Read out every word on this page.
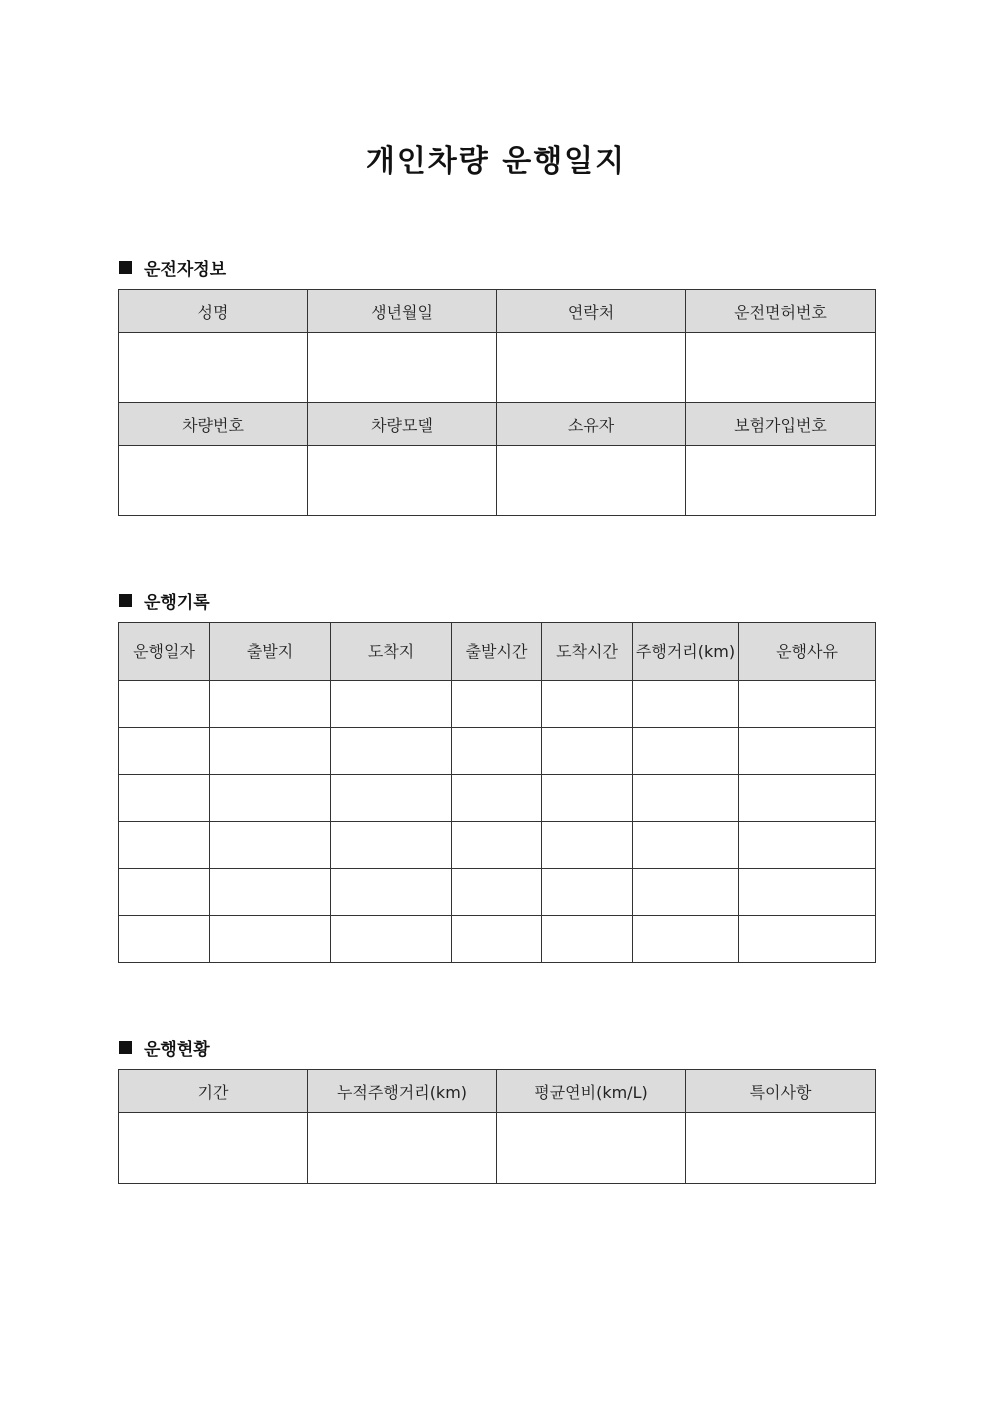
개인차량 운행일지
운전자정보
성명	생년월일	연락처	운전면허번호

차량번호	차량모델	소유자	보험가입번호

운행기록
운행일자	출발지	도착지	출발시간	도착시간	주행거리(km)	운행사유

운행현황
기간	누적주행거리(km)	평균연비(km/L)	특이사항
